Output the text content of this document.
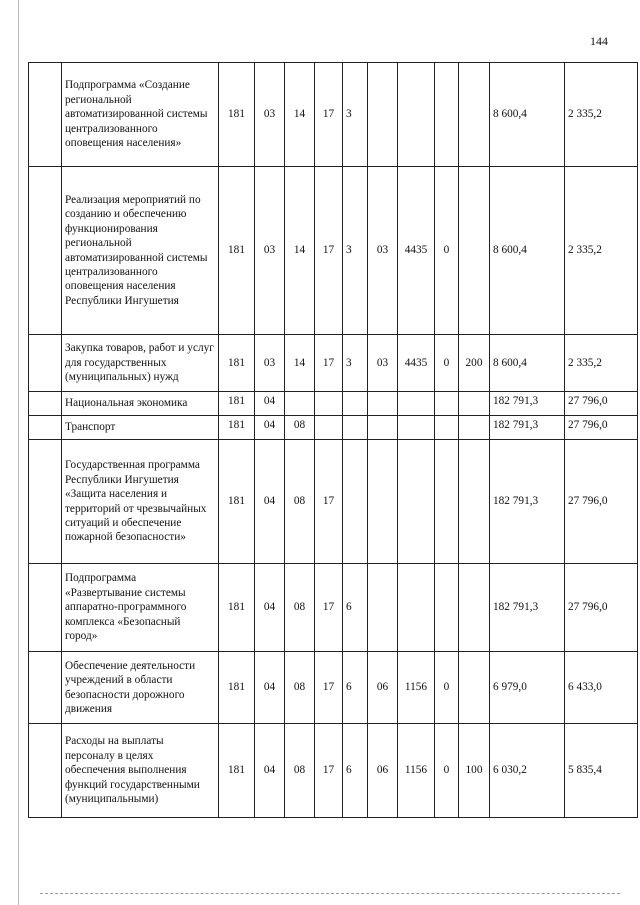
144
	Подпрограмма «Создание региональной автоматизированной системы централизованного оповещения населения»	181	03	14	17	3					8 600,4	2 335,2
	Реализация мероприятий по созданию и обеспечению функционирования региональной автоматизированной системы централизованного оповещения населения Республики Ингушетия	181	03	14	17	3	03	4435	0		8 600,4	2 335,2
	Закупка товаров, работ и услуг для государственных (муниципальных) нужд	181	03	14	17	3	03	4435	0	200	8 600,4	2 335,2
	Национальная экономика	181	04								182 791,3	27 796,0
	Транспорт	181	04	08							182 791,3	27 796,0
	Государственная программа Республики Ингушетия «Защита населения и территорий от чрезвычайных ситуаций и обеспечение пожарной безопасности»	181	04	08	17						182 791,3	27 796,0
	Подпрограмма «Развертывание системы аппаратно-программного комплекса «Безопасный город»	181	04	08	17	6					182 791,3	27 796,0
	Обеспечение деятельности учреждений в области безопасности дорожного движения	181	04	08	17	6	06	1156	0		6 979,0	6 433,0
	Расходы на выплаты персоналу в целях обеспечения выполнения функций государственными (муниципальными)	181	04	08	17	6	06	1156	0	100	6 030,2	5 835,4
